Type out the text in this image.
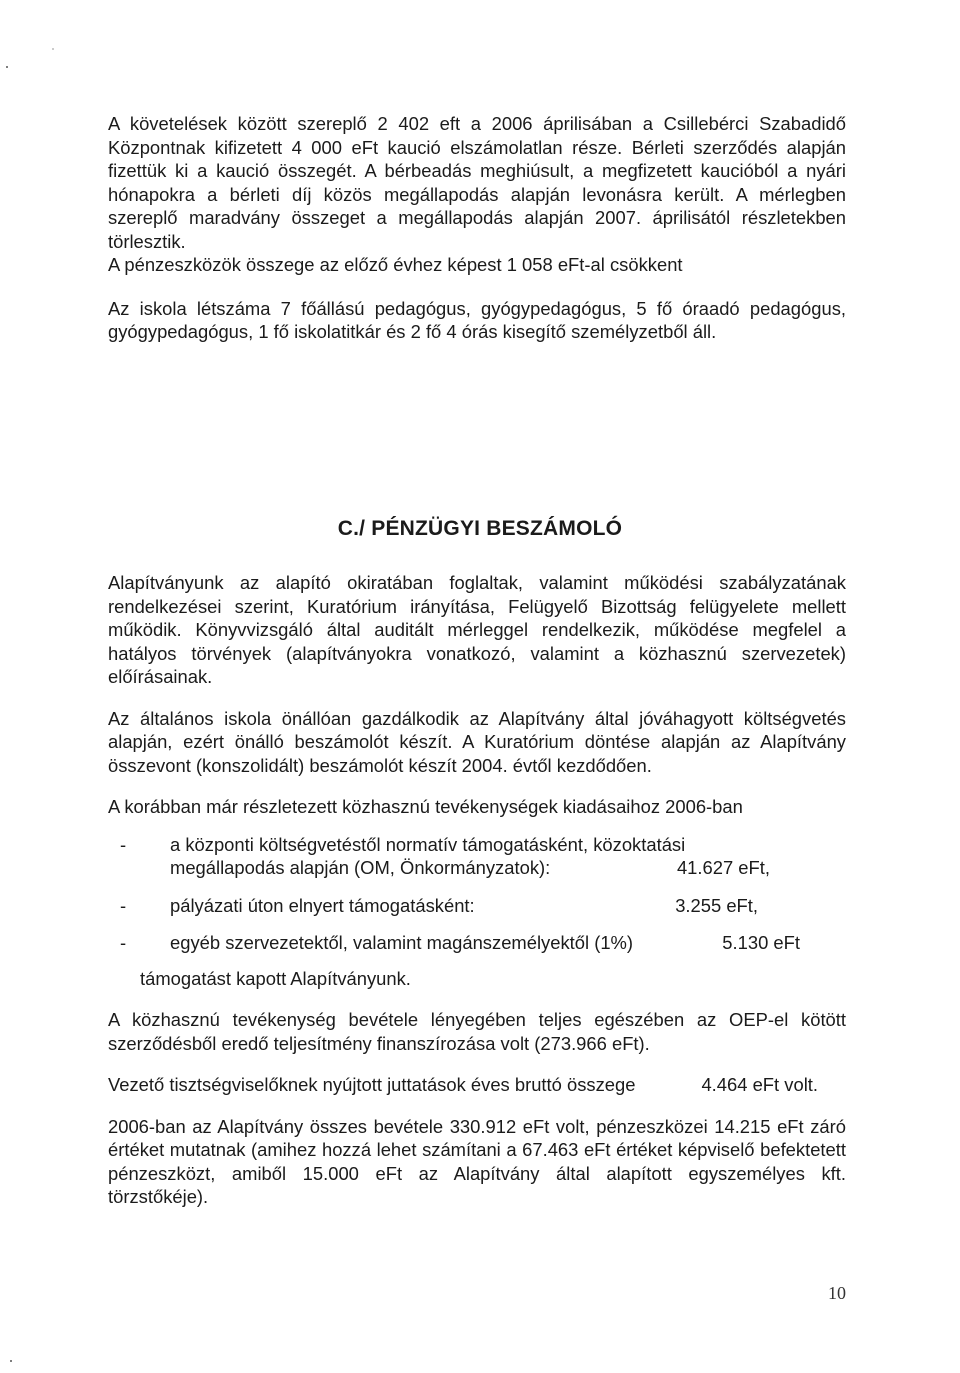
A követelések között szereplő 2 402 eft a 2006 áprilisában a Csillebérci Szabadidő Központnak kifizetett 4 000 eFt kaució elszámolatlan része. Bérleti szerződés alapján fizettük ki a kaució összegét. A bérbeadás meghiúsult, a megfizetett kaucióból a nyári hónapokra a bérleti díj közös megállapodás alapján levonásra került. A mérlegben szereplő maradvány összeget a megállapodás alapján 2007. áprilisától részletekben törlesztik.

A pénzeszközök összege az előző évhez képest 1 058 eFt-al csökkent

Az iskola létszáma 7 főállású pedagógus, gyógypedagógus, 5 fő óraadó pedagógus, gyógypedagógus, 1 fő iskolatitkár és 2 fő 4 órás kisegítő személyzetből áll.

C./ PÉNZÜGYI BESZÁMOLÓ

Alapítványunk az alapító okiratában foglaltak, valamint működési szabályzatának rendelkezései szerint, Kuratórium irányítása, Felügyelő Bizottság felügyelete mellett működik. Könyvvizsgáló által auditált mérleggel rendelkezik, működése megfelel a hatályos törvények (alapítványokra vonatkozó, valamint a közhasznú szervezetek) előírásainak.

Az általános iskola önállóan gazdálkodik az Alapítvány által jóváhagyott költségvetés alapján, ezért önálló beszámolót készít. A Kuratórium döntése alapján az Alapítvány összevont (konszolidált) beszámolót készít 2004. évtől kezdődően.

A korábban már részletezett közhasznú tevékenységek kiadásaihoz 2006-ban

-	a központi költségvetéstől normatív támogatásként, közoktatási
megállapodás alapján (OM, Önkormányzatok):	41.627 eFt,
-	pályázati úton elnyert támogatásként:	3.255 eFt,
-	egyéb szervezetektől, valamint magánszemélyektől (1%)	5.130 eFt

támogatást kapott Alapítványunk.

A közhasznú tevékenység bevétele lényegében teljes egészében az OEP-el kötött szerződésből eredő teljesítmény finanszírozása volt (273.966 eFt).

Vezető tisztségviselőknek nyújtott juttatások éves bruttó összege	4.464 eFt volt.

2006-ban az Alapítvány összes bevétele 330.912 eFt volt, pénzeszközei 14.215 eFt záró értéket mutatnak (amihez hozzá lehet számítani a 67.463 eFt értéket képviselő befektetett pénzeszközt, amiből 15.000 eFt az Alapítvány által alapított egyszemélyes kft. törzstőkéje).

10
